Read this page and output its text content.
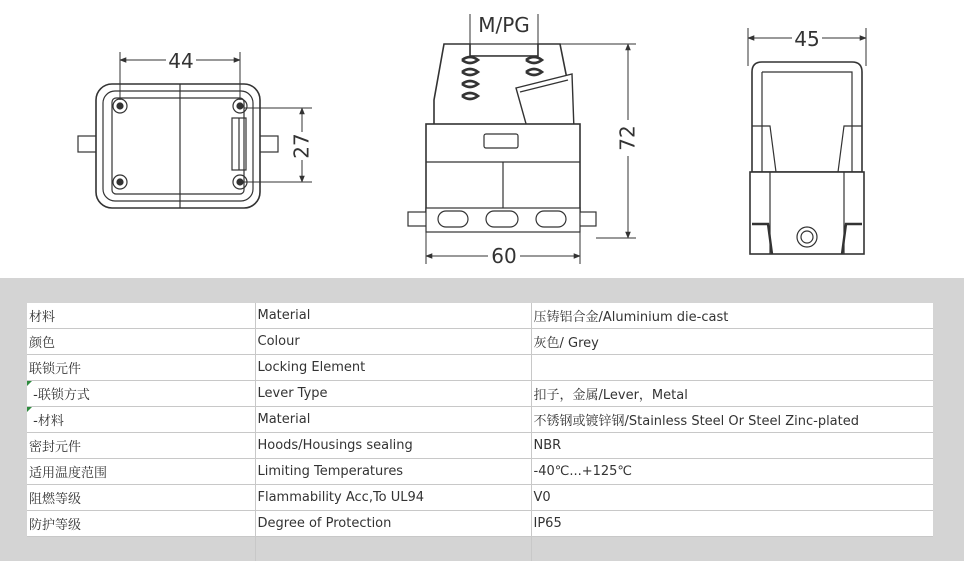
44
27
M/PG
72
60
45
材料	Material	压铸铝合金/Aluminium die-cast
颜色	Colour	灰色/ Grey
联锁元件	Locking Element	

-联锁方式	Lever Type	扣子，金属/Lever，Metal

-材料	Material	不锈钢或镀锌钢/Stainless Steel Or Steel Zinc-plated
密封元件	Hoods/Housings sealing	NBR
适用温度范围	Limiting Temperatures	-40℃...+125℃
阻燃等级	Flammability Acc,To UL94	V0
防护等级	Degree of Protection	IP65
